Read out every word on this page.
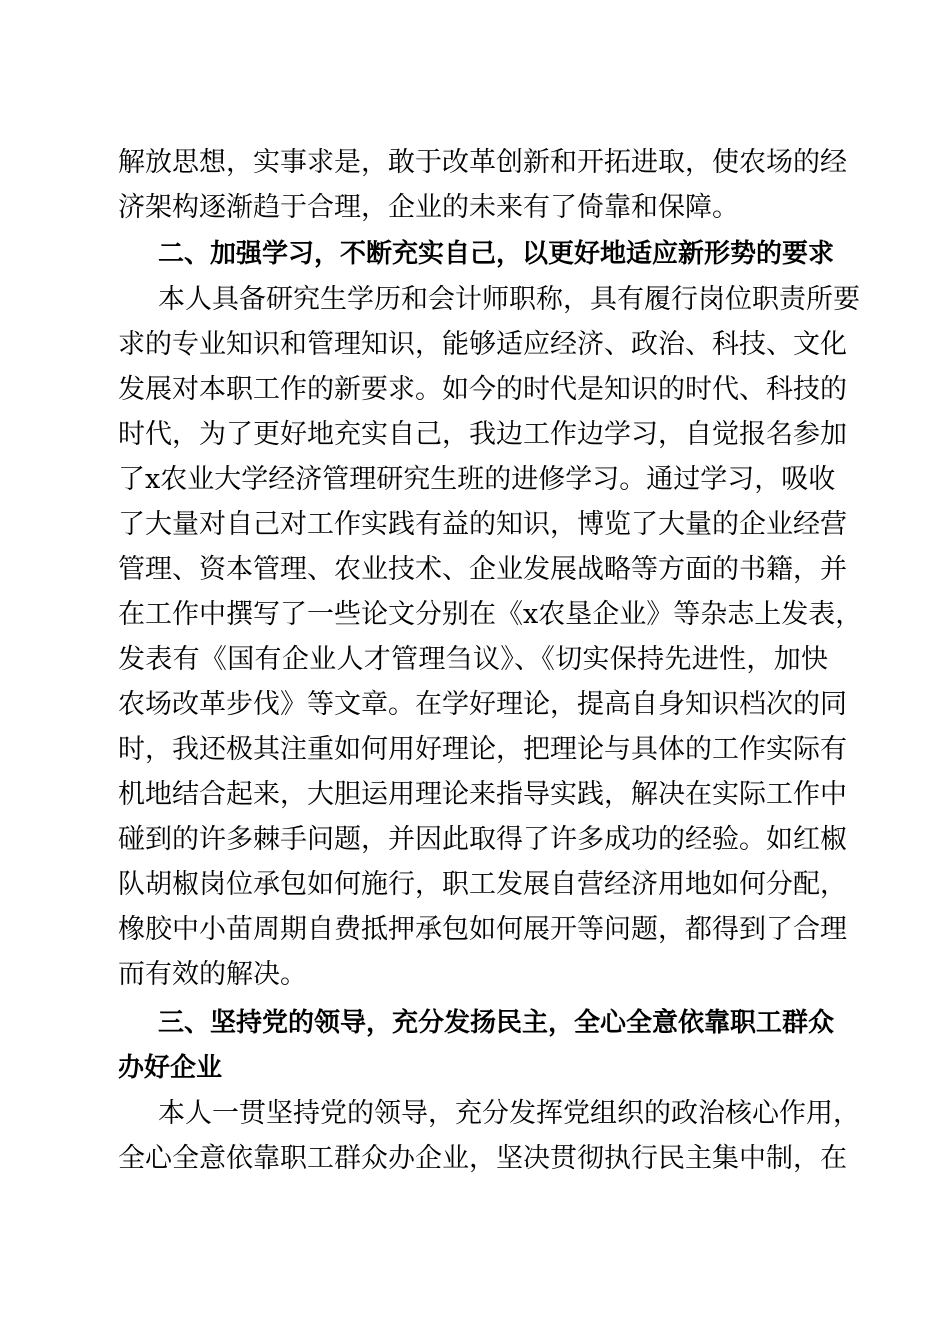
解放思想，实事求是，敢于改革创新和开拓进取，使农场的经
济架构逐渐趋于合理，企业的未来有了倚靠和保障。
二、加强学习，不断充实自己，以更好地适应新形势的要求
本人具备研究生学历和会计师职称，具有履行岗位职责所要
求的专业知识和管理知识，能够适应经济、政治、科技、文化
发展对本职工作的新要求。如今的时代是知识的时代、科技的
时代，为了更好地充实自己，我边工作边学习，自觉报名参加
了x农业大学经济管理研究生班的进修学习。通过学习，吸收
了大量对自己对工作实践有益的知识，博览了大量的企业经营
管理、资本管理、农业技术、企业发展战略等方面的书籍，并
在工作中撰写了一些论文分别在《x农垦企业》等杂志上发表，
发表有《国有企业人才管理刍议》、《切实保持先进性，加快
农场改革步伐》等文章。在学好理论，提高自身知识档次的同
时，我还极其注重如何用好理论，把理论与具体的工作实际有
机地结合起来，大胆运用理论来指导实践，解决在实际工作中
碰到的许多棘手问题，并因此取得了许多成功的经验。如红椒
队胡椒岗位承包如何施行，职工发展自营经济用地如何分配，
橡胶中小苗周期自费抵押承包如何展开等问题，都得到了合理
而有效的解决。
三、坚持党的领导，充分发扬民主，全心全意依靠职工群众
办好企业
本人一贯坚持党的领导，充分发挥党组织的政治核心作用，
全心全意依靠职工群众办企业，坚决贯彻执行民主集中制，在
